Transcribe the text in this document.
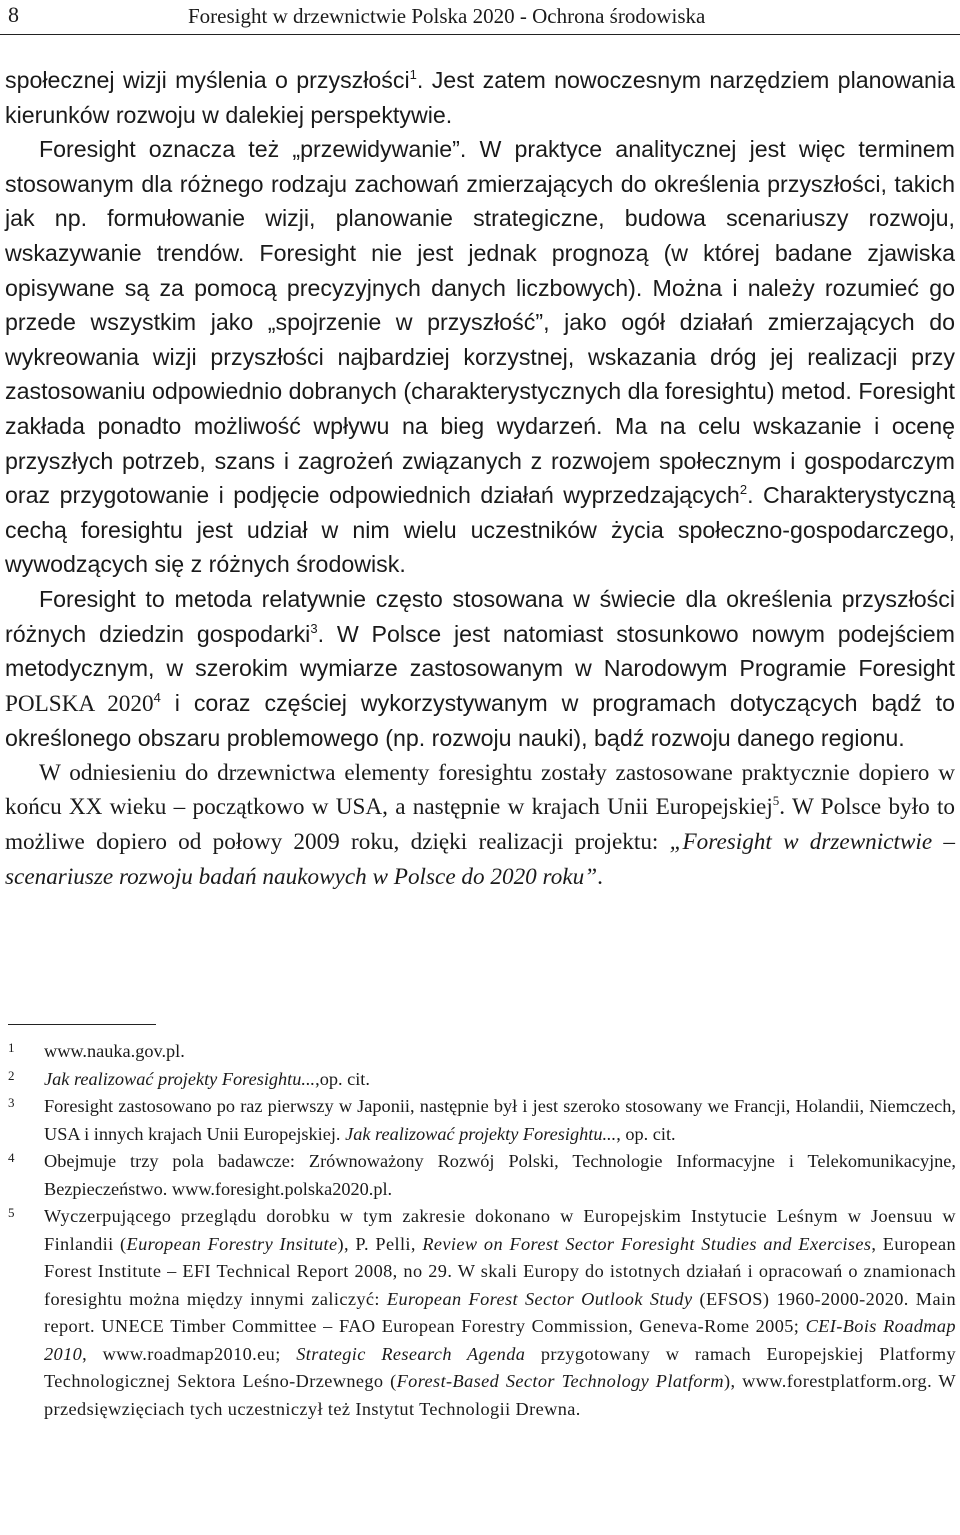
8	Foresight w drzewnictwie Polska 2020 - Ochrona środowiska

społecznej wizji myślenia o przyszłości$^1$. Jest zatem nowoczesnym narzędziem planowania kierunków rozwoju w dalekiej perspektywie.

Foresight oznacza też „przewidywanie”. W praktyce analitycznej jest więc terminem stosowanym dla różnego rodzaju zachowań zmierzających do określenia przyszłości, takich jak np. formułowanie wizji, planowanie strategiczne, budowa scenariuszy rozwoju, wskazywanie trendów. Foresight nie jest jednak prognozą (w której badane zjawiska opisywane są za pomocą precyzyjnych danych liczbowych). Można i należy rozumieć go przede wszystkim jako „spojrzenie w przyszłość”, jako ogół działań zmierzających do wykreowania wizji przyszłości najbardziej korzystnej, wskazania dróg jej realizacji przy zastosowaniu odpowiednio dobranych (charakterystycznych dla foresightu) metod. Foresight zakłada ponadto możliwość wpływu na bieg wydarzeń. Ma na celu wskazanie i ocenę przyszłych potrzeb, szans i zagrożeń związanych z rozwojem społecznym i gospodarczym oraz przygotowanie i podjęcie odpowiednich działań wyprzedzających$^2$. Charakterystyczną cechą foresightu jest udział w nim wielu uczestników życia społeczno-gospodarczego, wywodzących się z różnych środowisk.

Foresight to metoda relatywnie często stosowana w świecie dla określenia przyszłości różnych dziedzin gospodarki$^3$. W Polsce jest natomiast stosunkowo nowym podejściem metodycznym, w szerokim wymiarze zastosowanym w Narodowym Programie Foresight POLSKA 2020$^4$ i coraz częściej wykorzystywanym w programach dotyczących bądź to określonego obszaru problemowego (np. rozwoju nauki), bądź rozwoju danego regionu.

W odniesieniu do drzewnictwa elementy foresightu zostały zastosowane praktycznie dopiero w końcu XX wieku – początkowo w USA, a następnie w krajach Unii Europejskiej$^5$. W Polsce było to możliwe dopiero od połowy 2009 roku, dzięki realizacji projektu: „Foresight w drzewnictwie – scenariusze rozwoju badań naukowych w Polsce do 2020 roku”.

1 www.nauka.gov.pl.
2 Jak realizować projekty Foresightu...,op. cit.
3 Foresight zastosowano po raz pierwszy w Japonii, następnie był i jest szeroko stosowany we Francji, Holandii, Niemczech, USA i innych krajach Unii Europejskiej. Jak realizować projekty Foresightu..., op. cit.
4 Obejmuje trzy pola badawcze: Zrównoważony Rozwój Polski, Technologie Informacyjne i Telekomunikacyjne, Bezpieczeństwo. www.foresight.polska2020.pl.
5 Wyczerpującego przeglądu dorobku w tym zakresie dokonano w Europejskim Instytucie Leśnym w Joensuu w Finlandii (European Forestry Insitute), P. Pelli, Review on Forest Sector Foresight Studies and Exercises, European Forest Institute – EFI Technical Report 2008, no 29. W skali Europy do istotnych działań i opracowań o znamionach foresightu można między innymi zaliczyć: European Forest Sector Outlook Study (EFSOS) 1960-2000-2020. Main report. UNECE Timber Committee – FAO European Forestry Commission, Geneva-Rome 2005; CEI-Bois Roadmap 2010, www.roadmap2010.eu; Strategic Research Agenda przygotowany w ramach Europejskiej Platformy Technologicznej Sektora Leśno-Drzewnego (Forest-Based Sector Technology Platform), www.forestplatform.org. W przedsięwzięciach tych uczestniczył też Instytut Technologii Drewna.
